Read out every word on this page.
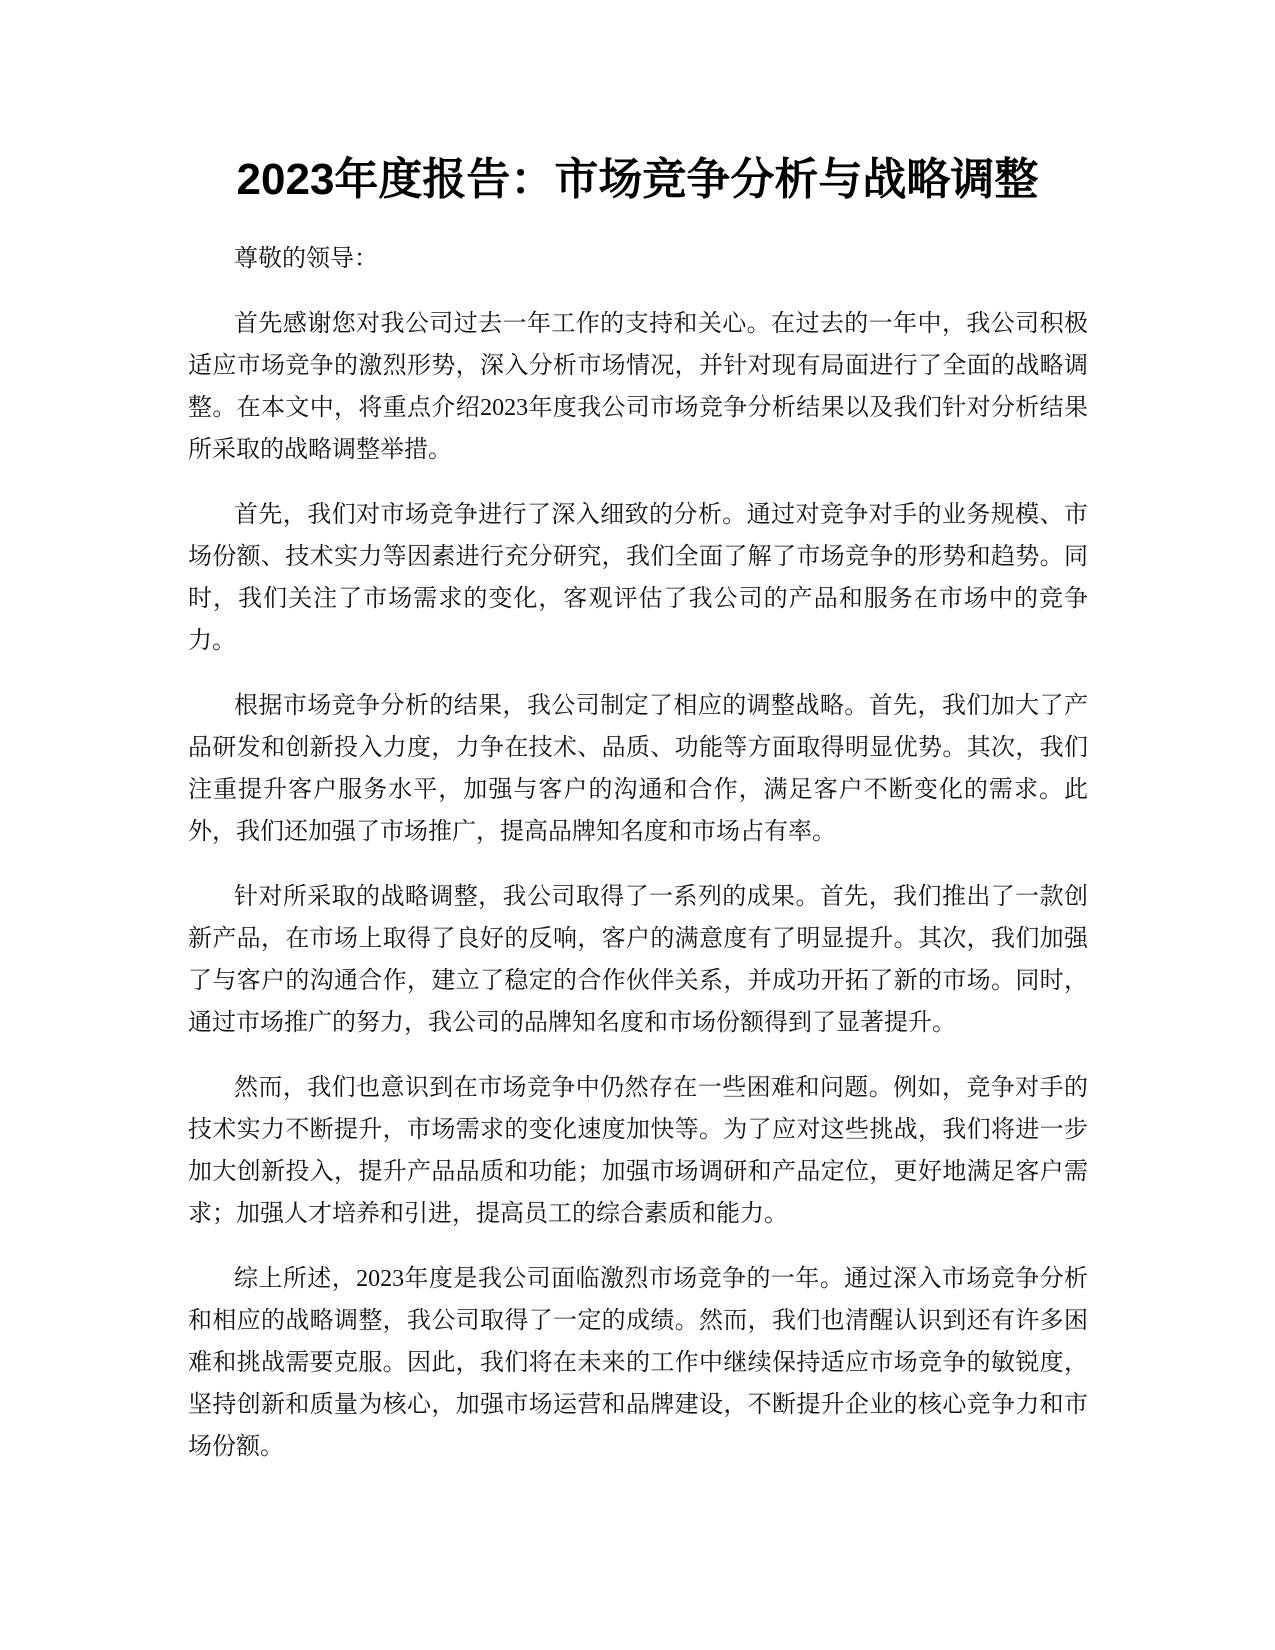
2023年度报告：市场竞争分析与战略调整

尊敬的领导：

首先感谢您对我公司过去一年工作的支持和关心。在过去的一年中，我公司积极适应市场竞争的激烈形势，深入分析市场情况，并针对现有局面进行了全面的战略调整。在本文中，将重点介绍2023年度我公司市场竞争分析结果以及我们针对分析结果所采取的战略调整举措。

首先，我们对市场竞争进行了深入细致的分析。通过对竞争对手的业务规模、市场份额、技术实力等因素进行充分研究，我们全面了解了市场竞争的形势和趋势。同时，我们关注了市场需求的变化，客观评估了我公司的产品和服务在市场中的竞争力。

根据市场竞争分析的结果，我公司制定了相应的调整战略。首先，我们加大了产品研发和创新投入力度，力争在技术、品质、功能等方面取得明显优势。其次，我们注重提升客户服务水平，加强与客户的沟通和合作，满足客户不断变化的需求。此外，我们还加强了市场推广，提高品牌知名度和市场占有率。

针对所采取的战略调整，我公司取得了一系列的成果。首先，我们推出了一款创新产品，在市场上取得了良好的反响，客户的满意度有了明显提升。其次，我们加强了与客户的沟通合作，建立了稳定的合作伙伴关系，并成功开拓了新的市场。同时，通过市场推广的努力，我公司的品牌知名度和市场份额得到了显著提升。

然而，我们也意识到在市场竞争中仍然存在一些困难和问题。例如，竞争对手的技术实力不断提升，市场需求的变化速度加快等。为了应对这些挑战，我们将进一步加大创新投入，提升产品品质和功能；加强市场调研和产品定位，更好地满足客户需求；加强人才培养和引进，提高员工的综合素质和能力。

综上所述，2023年度是我公司面临激烈市场竞争的一年。通过深入市场竞争分析和相应的战略调整，我公司取得了一定的成绩。然而，我们也清醒认识到还有许多困难和挑战需要克服。因此，我们将在未来的工作中继续保持适应市场竞争的敏锐度，坚持创新和质量为核心，加强市场运营和品牌建设，不断提升企业的核心竞争力和市场份额。
